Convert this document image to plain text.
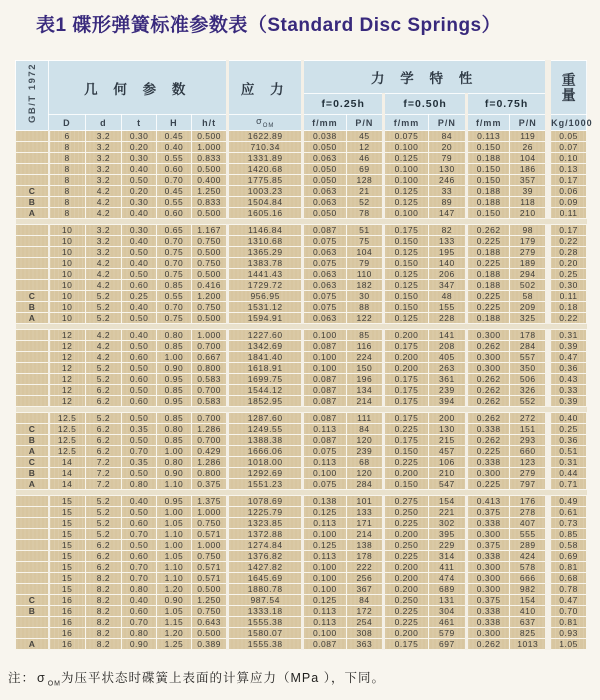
表1 碟形弹簧标准参数表（Standard Disc Springs）
GB/T 1972	几 何 参 数					应 力	力 学 特 性						重
量

							f=0.25h		f=0.50h		f=0.75h		
	D	d	t	H	h/t	$\sigma_{OM}$	f/mm	P/N	f/mm	P/N	f/mm	P/N	Kg/1000
	6	3.2	0.30	0.45	0.500	1622.89	0.038	45	0.075	84	0.113	119	0.05
	8	3.2	0.20	0.40	1.000	710.34	0.050	12	0.100	20	0.150	26	0.07
	8	3.2	0.30	0.55	0.833	1331.89	0.063	46	0.125	79	0.188	104	0.10
	8	3.2	0.40	0.60	0.500	1420.68	0.050	69	0.100	130	0.150	186	0.13
	8	3.2	0.50	0.70	0.400	1775.85	0.050	128	0.100	246	0.150	357	0.17
C	8	4.2	0.20	0.45	1.250	1003.23	0.063	21	0.125	33	0.188	39	0.06
B	8	4.2	0.30	0.55	0.833	1504.84	0.063	52	0.125	89	0.188	118	0.09
A	8	4.2	0.40	0.60	0.500	1605.16	0.050	78	0.100	147	0.150	210	0.11

	10	3.2	0.30	0.65	1.167	1146.84	0.087	51	0.175	82	0.262	98	0.17
	10	3.2	0.40	0.70	0.750	1310.68	0.075	75	0.150	133	0.225	179	0.22
	10	3.2	0.50	0.75	0.500	1365.29	0.063	104	0.125	195	0.188	279	0.28
	10	4.2	0.40	0.70	0.750	1383.78	0.075	79	0.150	140	0.225	189	0.20
	10	4.2	0.50	0.75	0.500	1441.43	0.063	110	0.125	206	0.188	294	0.25
	10	4.2	0.60	0.85	0.416	1729.72	0.063	182	0.125	347	0.188	502	0.30
C	10	5.2	0.25	0.55	1.200	956.95	0.075	30	0.150	48	0.225	58	0.11
B	10	5.2	0.40	0.70	0.750	1531.12	0.075	88	0.150	155	0.225	209	0.18
A	10	5.2	0.50	0.75	0.500	1594.91	0.063	122	0.125	228	0.188	325	0.22

	12	4.2	0.40	0.80	1.000	1227.60	0.100	85	0.200	141	0.300	178	0.31
	12	4.2	0.50	0.85	0.700	1342.69	0.087	116	0.175	208	0.262	284	0.39
	12	4.2	0.60	1.00	0.667	1841.40	0.100	224	0.200	405	0.300	557	0.47
	12	5.2	0.50	0.90	0.800	1618.91	0.100	150	0.200	263	0.300	350	0.36
	12	5.2	0.60	0.95	0.583	1699.75	0.087	196	0.175	361	0.262	506	0.43
	12	6.2	0.50	0.85	0.700	1544.12	0.087	134	0.175	239	0.262	326	0.33
	12	6.2	0.60	0.95	0.583	1852.95	0.087	214	0.175	394	0.262	552	0.39

	12.5	5.2	0.50	0.85	0.700	1287.60	0.087	111	0.175	200	0.262	272	0.40
C	12.5	6.2	0.35	0.80	1.286	1249.55	0.113	84	0.225	130	0.338	151	0.25
B	12.5	6.2	0.50	0.85	0.700	1388.38	0.087	120	0.175	215	0.262	293	0.36
A	12.5	6.2	0.70	1.00	0.429	1666.06	0.075	239	0.150	457	0.225	660	0.51
C	14	7.2	0.35	0.80	1.286	1018.00	0.113	68	0.225	106	0.338	123	0.31
B	14	7.2	0.50	0.90	0.800	1292.69	0.100	120	0.200	210	0.300	279	0.44
A	14	7.2	0.80	1.10	0.375	1551.23	0.075	284	0.150	547	0.225	797	0.71

	15	5.2	0.40	0.95	1.375	1078.69	0.138	101	0.275	154	0.413	176	0.49
	15	5.2	0.50	1.00	1.000	1225.79	0.125	133	0.250	221	0.375	278	0.61
	15	5.2	0.60	1.05	0.750	1323.85	0.113	171	0.225	302	0.338	407	0.73
	15	5.2	0.70	1.10	0.571	1372.88	0.100	214	0.200	395	0.300	555	0.85
	15	6.2	0.50	1.00	1.000	1274.84	0.125	138	0.250	229	0.375	289	0.58
	15	6.2	0.60	1.05	0.750	1376.82	0.113	178	0.225	314	0.338	424	0.69
	15	6.2	0.70	1.10	0.571	1427.82	0.100	222	0.200	411	0.300	578	0.81
	15	8.2	0.70	1.10	0.571	1645.69	0.100	256	0.200	474	0.300	666	0.68
	15	8.2	0.80	1.20	0.500	1880.78	0.100	367	0.200	689	0.300	982	0.78
C	16	8.2	0.40	0.90	1.250	987.54	0.125	84	0.250	131	0.375	154	0.47
B	16	8.2	0.60	1.05	0.750	1333.18	0.113	172	0.225	304	0.338	410	0.70
	16	8.2	0.70	1.15	0.643	1555.38	0.113	254	0.225	461	0.338	637	0.81
	16	8.2	0.80	1.20	0.500	1580.07	0.100	308	0.200	579	0.300	825	0.93
A	16	8.2	0.90	1.25	0.389	1555.38	0.087	363	0.175	697	0.262	1013	1.05
注： σ $_{OM}$为压平状态时碟簧上表面的计算应力（MPa ），下同。
